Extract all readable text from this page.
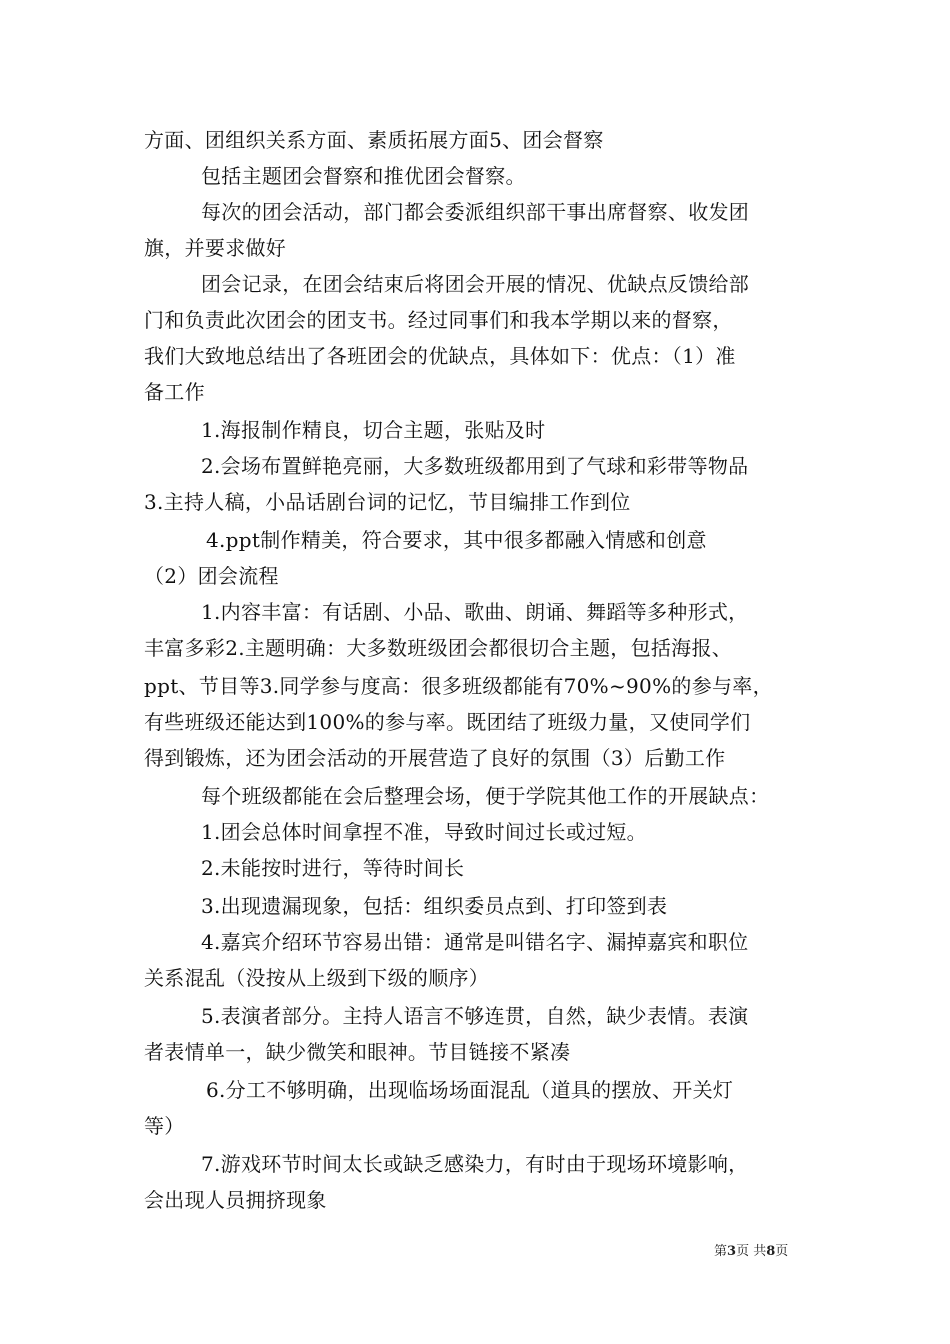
方面、团组织关系方面、素质拓展方面5、团会督察
包括主题团会督察和推优团会督察。
每次的团会活动，部门都会委派组织部干事出席督察、收发团
旗，并要求做好
团会记录，在团会结束后将团会开展的情况、优缺点反馈给部
门和负责此次团会的团支书。经过同事们和我本学期以来的督察，
我们大致地总结出了各班团会的优缺点，具体如下：优点：（1）准
备工作
1.海报制作精良，切合主题，张贴及时
2.会场布置鲜艳亮丽，大多数班级都用到了气球和彩带等物品
3.主持人稿，小品话剧台词的记忆，节目编排工作到位
4.ppt制作精美，符合要求，其中很多都融入情感和创意
（2）团会流程
1.内容丰富：有话剧、小品、歌曲、朗诵、舞蹈等多种形式，
丰富多彩2.主题明确：大多数班级团会都很切合主题，包括海报、
ppt、节目等3.同学参与度高：很多班级都能有70%~90%的参与率，
有些班级还能达到100%的参与率。既团结了班级力量，又使同学们
得到锻炼，还为团会活动的开展营造了良好的氛围（3）后勤工作
每个班级都能在会后整理会场，便于学院其他工作的开展缺点：
1.团会总体时间拿捏不准，导致时间过长或过短。
2.未能按时进行，等待时间长
3.出现遗漏现象，包括：组织委员点到、打印签到表
4.嘉宾介绍环节容易出错：通常是叫错名字、漏掉嘉宾和职位
关系混乱（没按从上级到下级的顺序）
5.表演者部分。主持人语言不够连贯，自然，缺少表情。表演
者表情单一，缺少微笑和眼神。节目链接不紧凑
6.分工不够明确，出现临场场面混乱（道具的摆放、开关灯
等）
7.游戏环节时间太长或缺乏感染力，有时由于现场环境影响，
会出现人员拥挤现象
第3页 共8页
